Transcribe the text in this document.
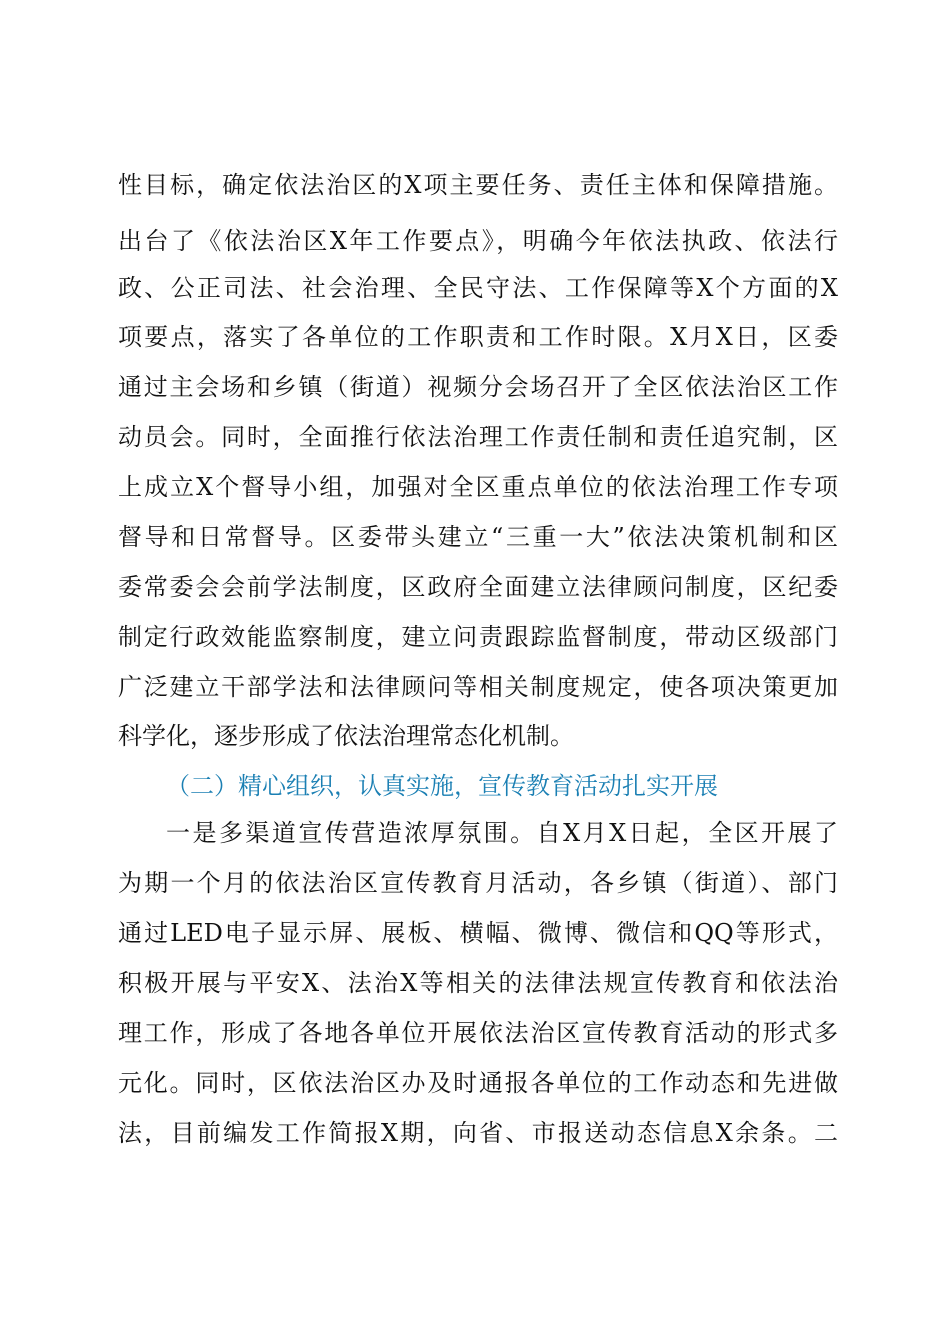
性目标，确定依法治区的X项主要任务、责任主体和保障措施。
出台了《依法治区X年工作要点》，明确今年依法执政、依法行
政、公正司法、社会治理、全民守法、工作保障等X个方面的X
项要点，落实了各单位的工作职责和工作时限。X月X日，区委
通过主会场和乡镇（街道）视频分会场召开了全区依法治区工作
动员会。同时，全面推行依法治理工作责任制和责任追究制，区
上成立X个督导小组，加强对全区重点单位的依法治理工作专项
督导和日常督导。区委带头建立“三重一大”依法决策机制和区
委常委会会前学法制度，区政府全面建立法律顾问制度，区纪委
制定行政效能监察制度，建立问责跟踪监督制度，带动区级部门
广泛建立干部学法和法律顾问等相关制度规定，使各项决策更加
科学化，逐步形成了依法治理常态化机制。
（二）精心组织，认真实施，宣传教育活动扎实开展
一是多渠道宣传营造浓厚氛围。自X月X日起，全区开展了
为期一个月的依法治区宣传教育月活动，各乡镇（街道）、部门
通过LED电子显示屏、展板、横幅、微博、微信和QQ等形式，
积极开展与平安X、法治X等相关的法律法规宣传教育和依法治
理工作，形成了各地各单位开展依法治区宣传教育活动的形式多
元化。同时，区依法治区办及时通报各单位的工作动态和先进做
法，目前编发工作简报X期，向省、市报送动态信息X余条。二
